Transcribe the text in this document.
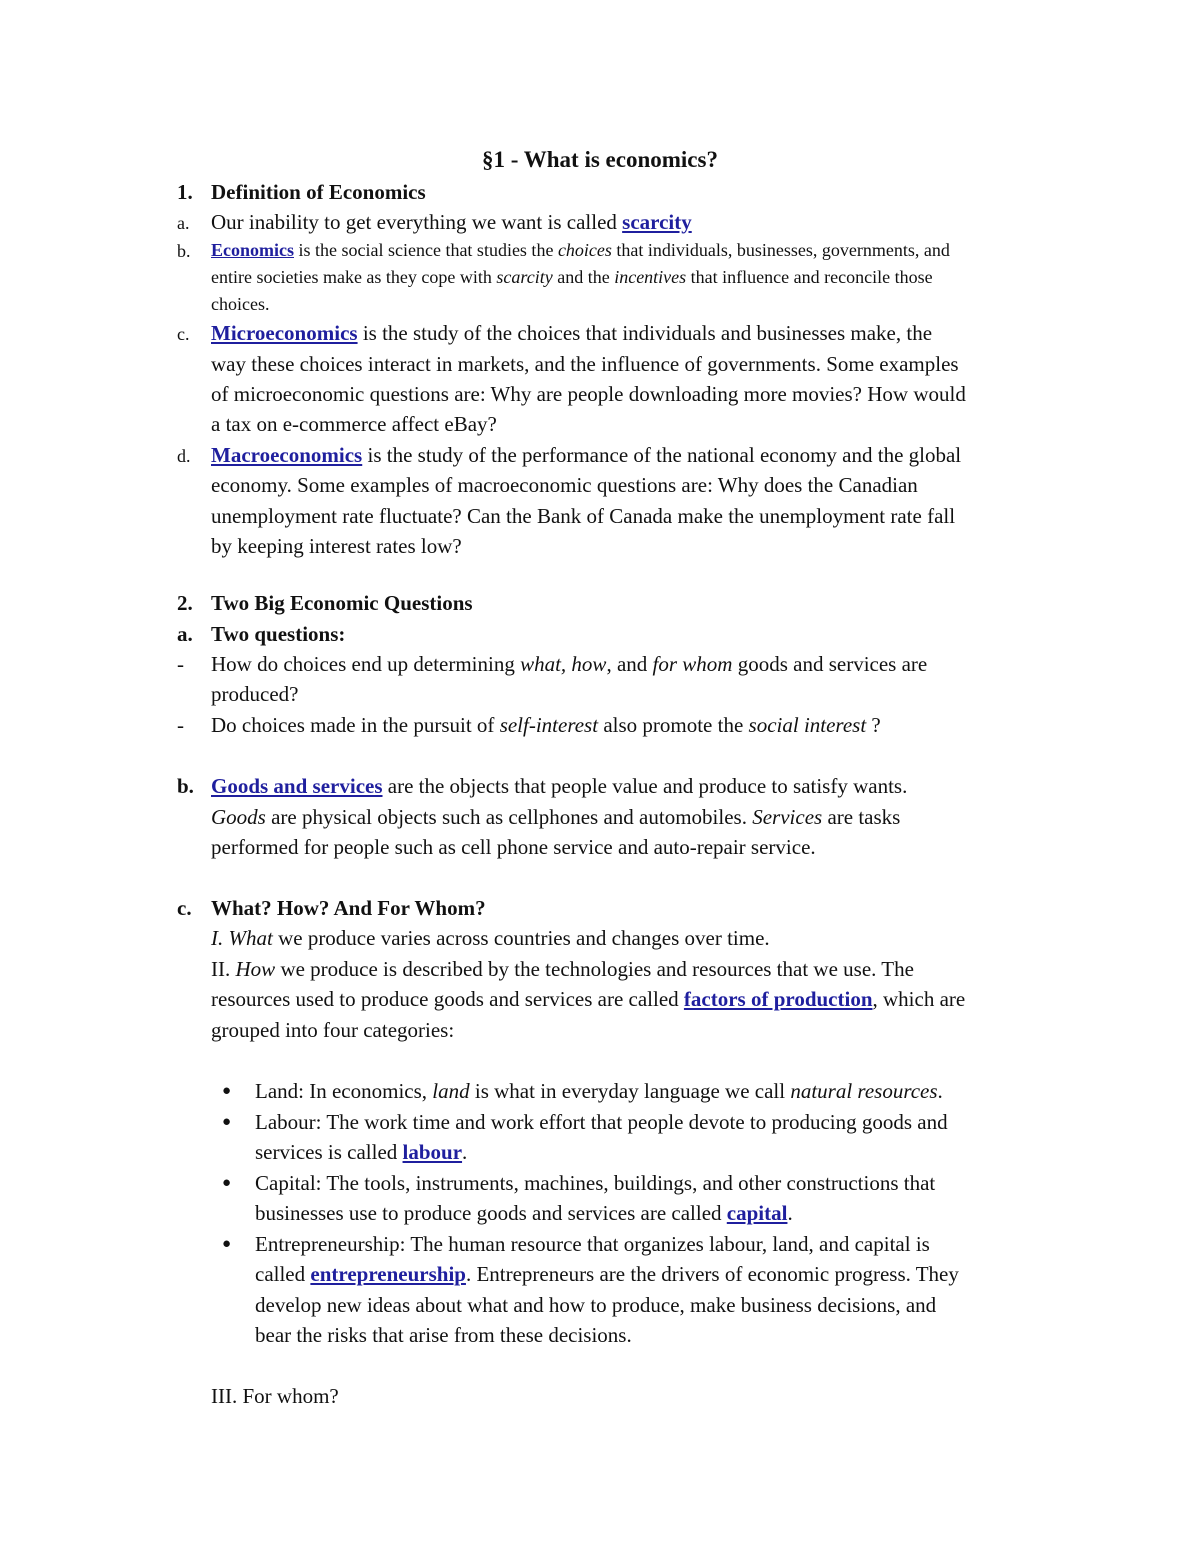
§1 - What is economics?
1. Definition of Economics
a. Our inability to get everything we want is called scarcity
b. Economics is the social science that studies the choices that individuals, businesses, governments, and
entire societies make as they cope with scarcity and the incentives that influence and reconcile those
choices.
c. Microeconomics is the study of the choices that individuals and businesses make, the
way these choices interact in markets, and the influence of governments. Some examples
of microeconomic questions are: Why are people downloading more movies? How would
a tax on e-commerce affect eBay?
d. Macroeconomics is the study of the performance of the national economy and the global
economy. Some examples of macroeconomic questions are: Why does the Canadian
unemployment rate fluctuate? Can the Bank of Canada make the unemployment rate fall
by keeping interest rates low?
2. Two Big Economic Questions
a. Two questions:
- How do choices end up determining what, how, and for whom goods and services are
produced?
- Do choices made in the pursuit of self-interest also promote the social interest ?
b. Goods and services are the objects that people value and produce to satisfy wants.
Goods are physical objects such as cellphones and automobiles. Services are tasks
performed for people such as cell phone service and auto-repair service.
c. What? How? And For Whom?
I. What we produce varies across countries and changes over time.
II. How we produce is described by the technologies and resources that we use. The
resources used to produce goods and services are called factors of production, which are
grouped into four categories:
● Land: In economics, land is what in everyday language we call natural resources.
● Labour: The work time and work effort that people devote to producing goods and
services is called labour.
● Capital: The tools, instruments, machines, buildings, and other constructions that
businesses use to produce goods and services are called capital.
● Entrepreneurship: The human resource that organizes labour, land, and capital is
called entrepreneurship. Entrepreneurs are the drivers of economic progress. They
develop new ideas about what and how to produce, make business decisions, and
bear the risks that arise from these decisions.
III. For whom?
